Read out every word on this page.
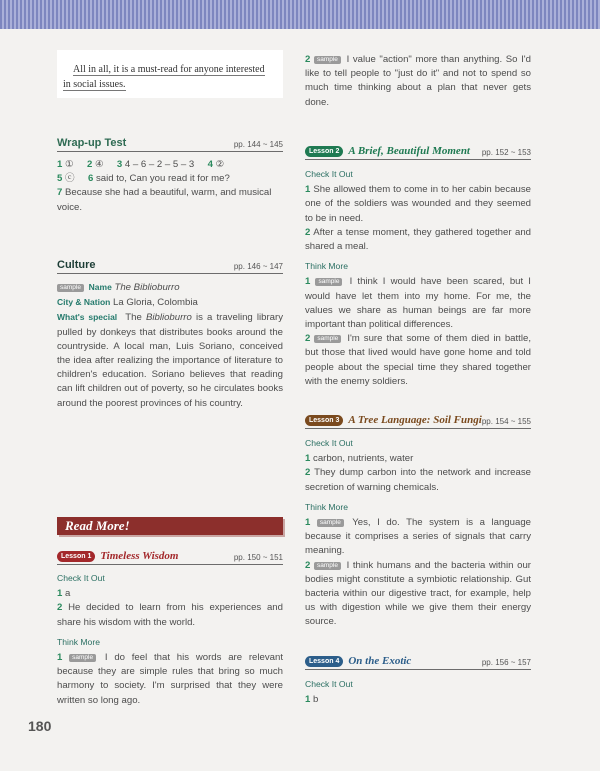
All in all, it is a must-read for anyone interested
in social issues.
Wrap-up Test	pp. 144 ~ 145
1 ① 2 ④ 3 4 – 6 – 2 – 5 – 3 4 ②
5 ⓒ 6 said to, Can you read it for me?
7 Because she had a beautiful, warm, and musical voice.
Culture	pp. 146 ~ 147
sample Name The Biblioburro
City & Nation La Gloria, Colombia
What's special The Biblioburro is a traveling library pulled by donkeys that distributes books around the countryside. A local man, Luis Soriano, conceived the idea after realizing the importance of literature to children's education. Soriano believes that reading can lift children out of poverty, so he circulates books around the poorest provinces of his country.
Read More!
Lesson 1 Timeless Wisdom	pp. 150 ~ 151
Check It Out
1 a
2 He decided to learn from his experiences and share his wisdom with the world.
Think More
1 sample I do feel that his words are relevant because they are simple rules that bring so much harmony to society. I'm surprised that they were written so long ago.
2 sample I value "action" more than anything. So I'd like to tell people to "just do it" and not to spend so much time thinking about a plan that never gets done.
Lesson 2 A Brief, Beautiful Moment	pp. 152 ~ 153
Check It Out
1 She allowed them to come in to her cabin because one of the soldiers was wounded and they seemed to be in need.
2 After a tense moment, they gathered together and shared a meal.
Think More
1 sample I think I would have been scared, but I would have let them into my home. For me, the values we share as human beings are far more important than political differences.
2 sample I'm sure that some of them died in battle, but those that lived would have gone home and told people about the special time they shared together with the enemy soldiers.
Lesson 3 A Tree Language: Soil Fungi pp. 154 ~ 155
Check It Out
1 carbon, nutrients, water
2 They dump carbon into the network and increase secretion of warning chemicals.
Think More
1 sample Yes, I do. The system is a language because it comprises a series of signals that carry meaning.
2 sample I think humans and the bacteria within our bodies might constitute a symbiotic relationship. Gut bacteria within our digestive tract, for example, help us with digestion while we give them their energy source.
Lesson 4 On the Exotic	pp. 156 ~ 157
Check It Out
1 b
180
